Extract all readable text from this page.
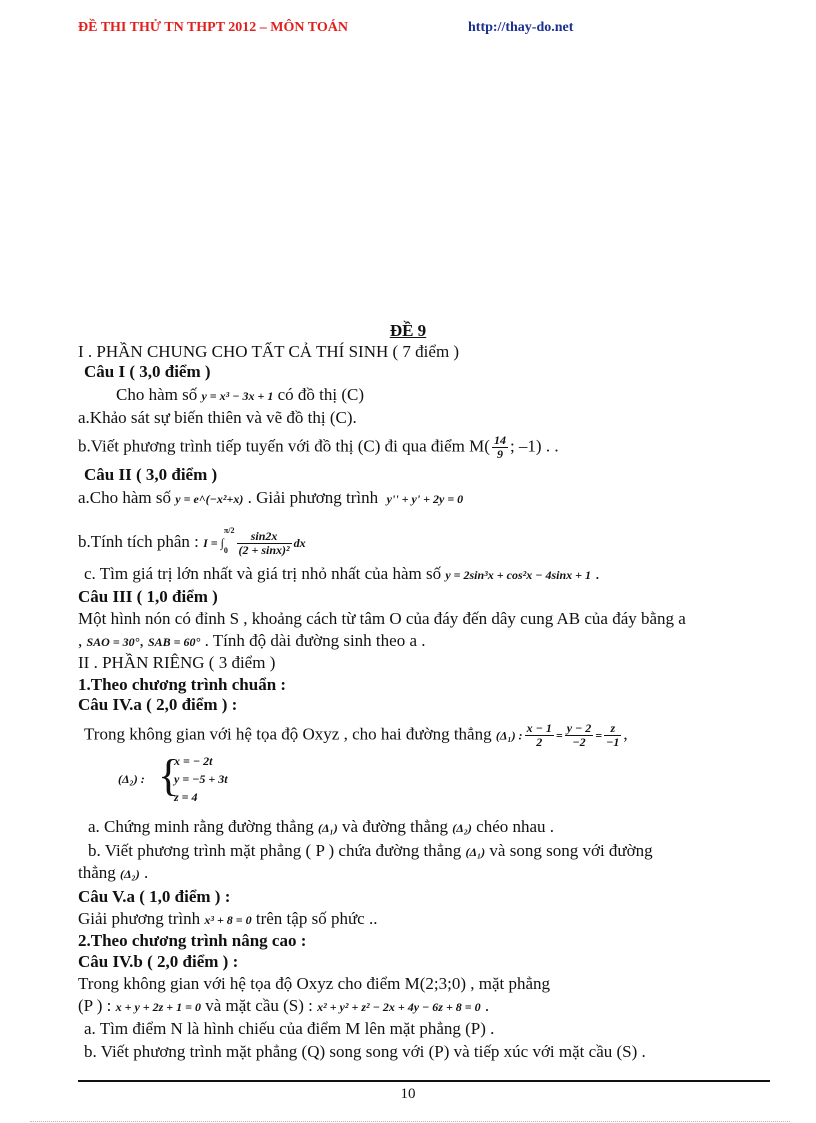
ĐỀ THI THỬ TN THPT 2012 – MÔN TOÁN	http://thay-do.net
ĐỀ 9
I . PHẦN CHUNG CHO TẤT CẢ THÍ SINH ( 7 điểm )
Câu I ( 3,0 điểm )
Cho hàm số y = x³ − 3x + 1 có đồ thị (C)
a.Khảo sát sự biến thiên và vẽ đồ thị (C).
b.Viết phương trình tiếp tuyến với đồ thị (C) đi qua điểm $M( \frac{14}{9}$ ; –1) . .
Câu II ( 3,0 điểm )
a.Cho hàm số y = e^(−x²+x) . Giải phương trình y'' + y' + 2y = 0
b.Tính tích phân : I = ∫
π/2
$0 \frac{\sin 2x}{\text{(2 + sinx)²}}$ dx
c. Tìm giá trị lớn nhất và giá trị nhỏ nhất của hàm số y = 2sin³x + cos²x − 4sinx + 1 .
Câu III ( 1,0 điểm )
Một hình nón có đỉnh S , khoảng cách từ tâm O của đáy đến dây cung AB của đáy bằng a
, SAO = 30°, SAB = 60° . Tính độ dài đường sinh theo a .
II . PHẦN RIÊNG ( 3 điểm )
1.Theo chương trình chuẩn :
Câu IV.a ( 2,0 điểm ) :
Trong không gian với hệ tọa độ Oxyz , cho hai đường thẳng (Δ₁) : $\frac{x - 1}{2} = \frac{y - 2}{-2} = \frac{z}{-1}$ ,
(Δ₂) : {
x = − 2t
y = −5 + 3t
z = 4
a. Chứng minh rằng đường thẳng (Δ₁) và đường thẳng (Δ₂) chéo nhau .
b. Viết phương trình mặt phẳng ( P ) chứa đường thẳng (Δ₁) và song song với đường
thẳng (Δ₂) .
Câu V.a ( 1,0 điểm ) :
Giải phương trình x³ + 8 = 0 trên tập số phức ..
2.Theo chương trình nâng cao :
Câu IV.b ( 2,0 điểm ) :
Trong không gian với hệ tọa độ Oxyz cho điểm M(2;3;0) , mặt phẳng
(P ) : x + y + 2z + 1 = 0 và mặt cầu (S) : x² + y² + z² − 2x + 4y − 6z + 8 = 0 .
a. Tìm điểm N là hình chiếu của điểm M lên mặt phẳng (P) .
b. Viết phương trình mặt phẳng (Q) song song với (P) và tiếp xúc với mặt cầu (S) .
10
